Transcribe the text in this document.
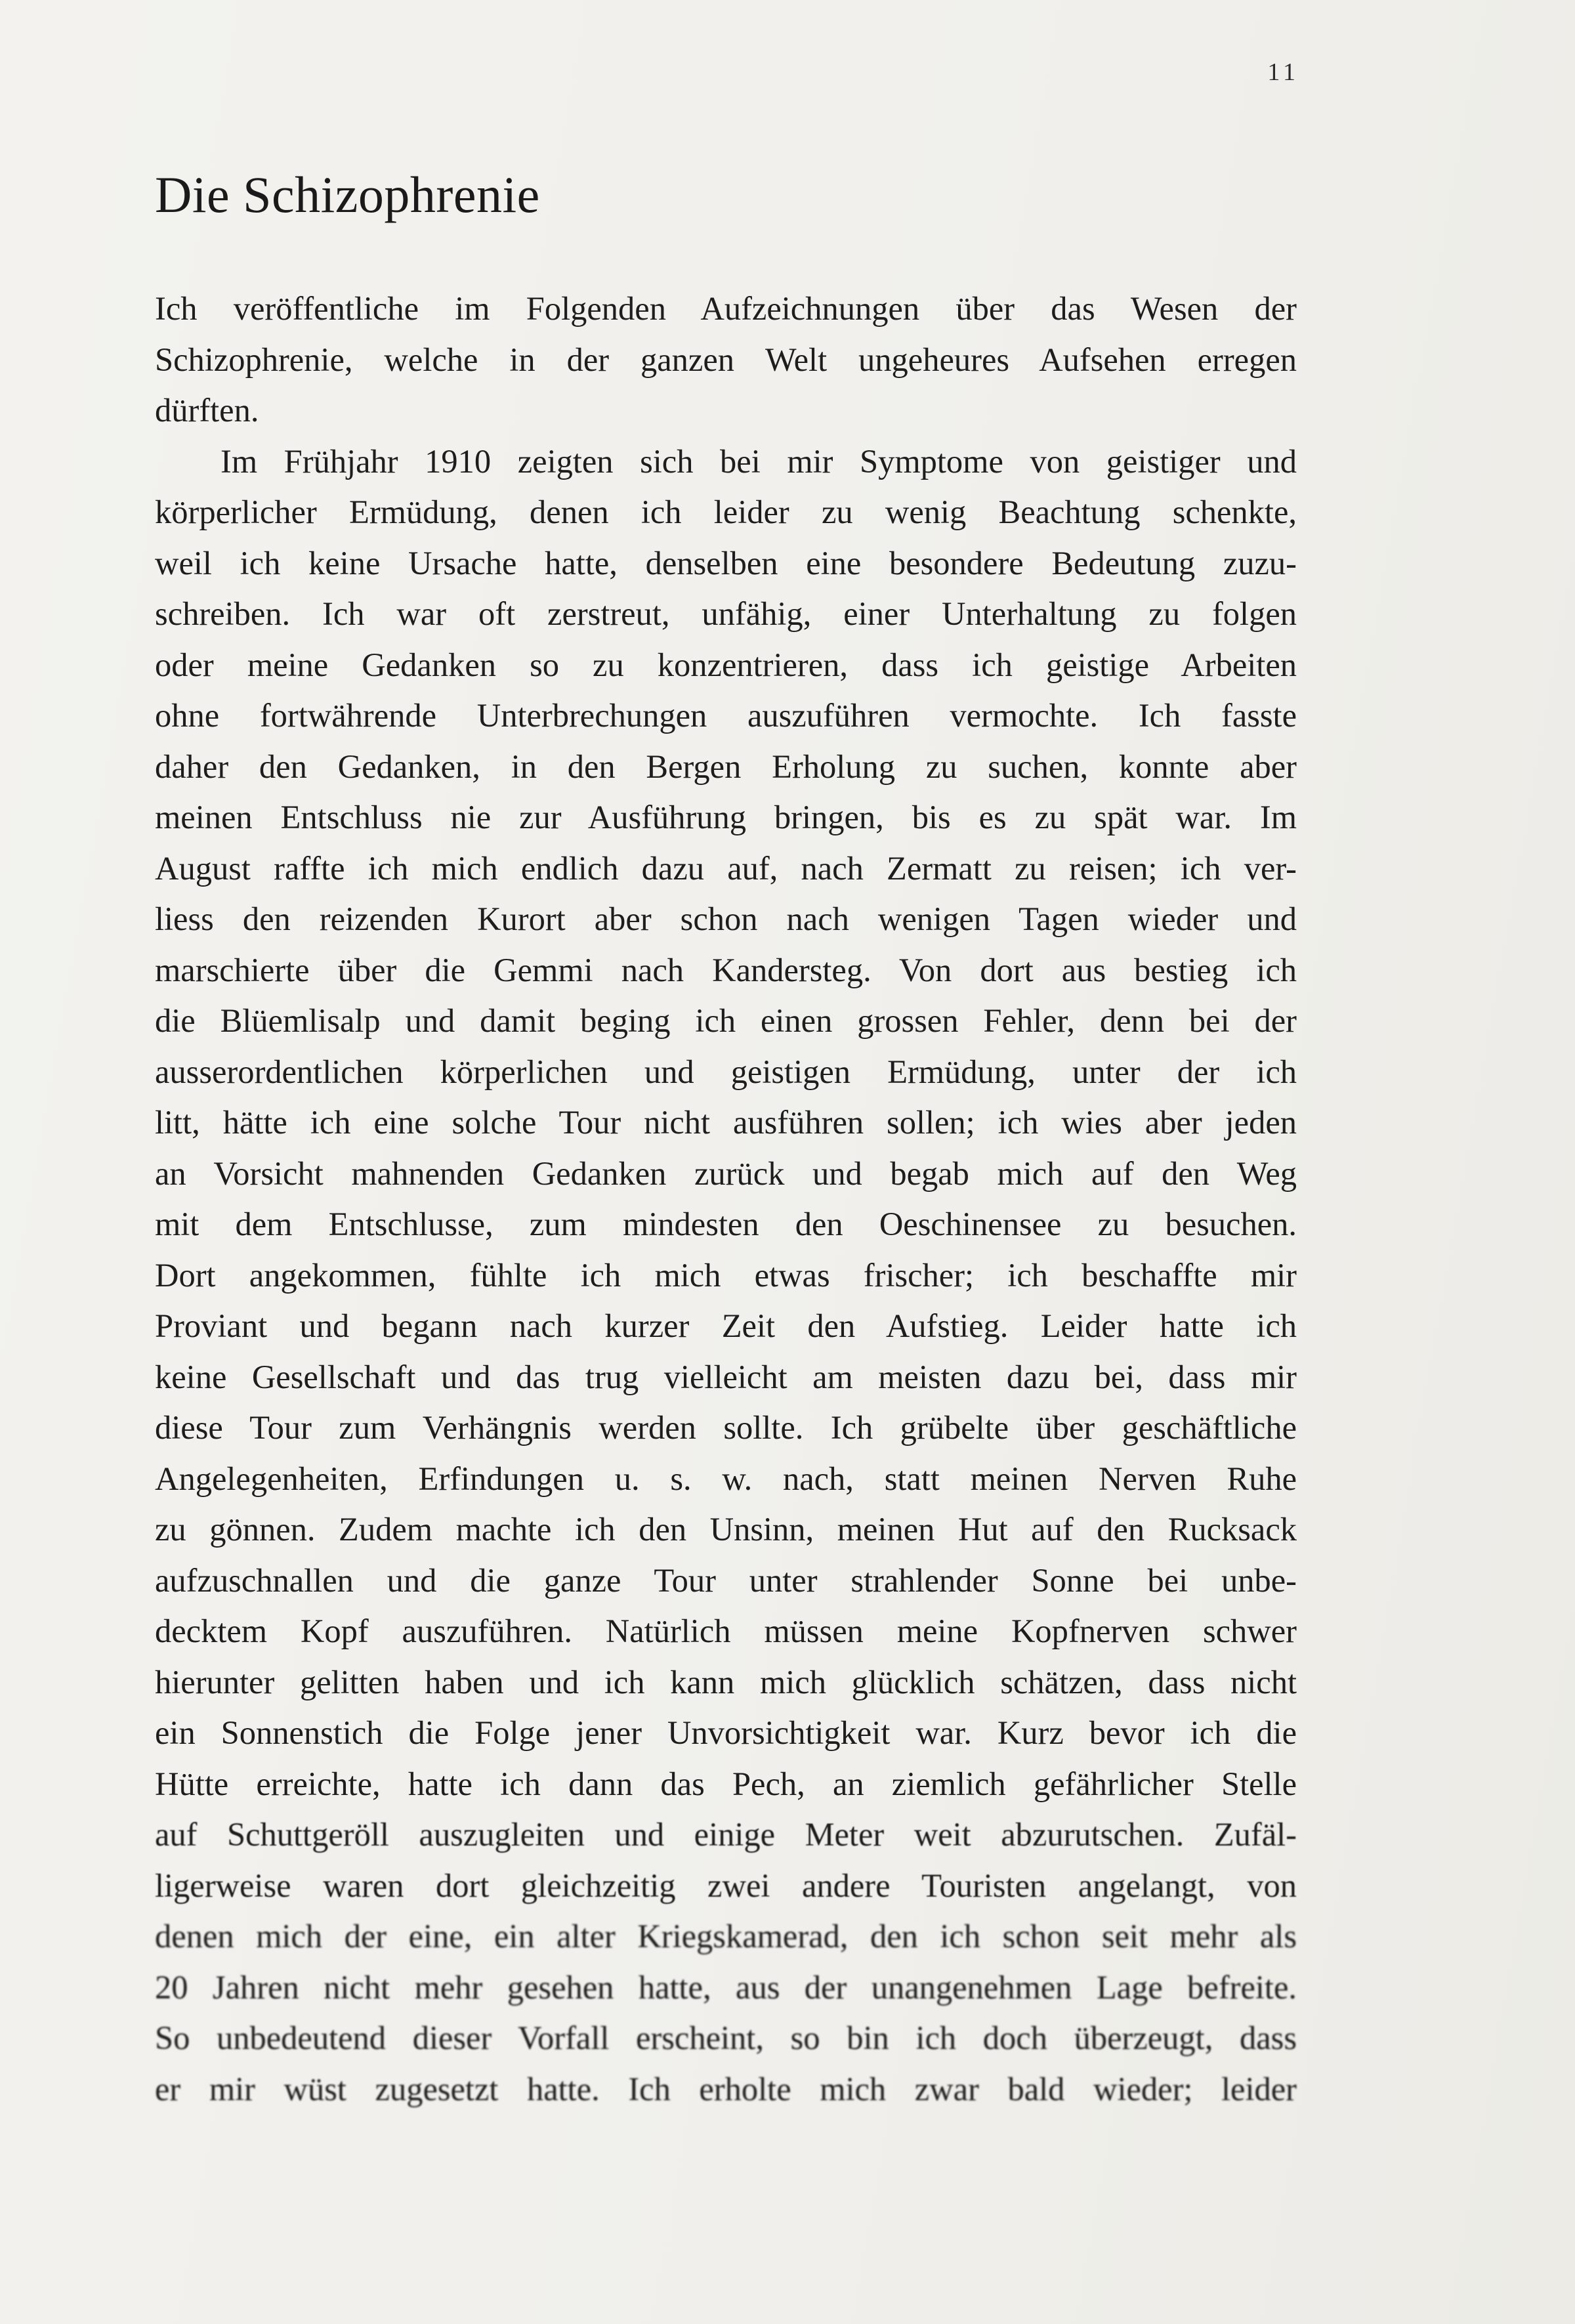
11
Die Schizophrenie
Ich veröffentliche im Folgenden Aufzeichnungen über das Wesen der
Schizophrenie, welche in der ganzen Welt ungeheures Aufsehen erregen
dürften.
Im Frühjahr 1910 zeigten sich bei mir Symptome von geistiger und
körperlicher Ermüdung, denen ich leider zu wenig Beachtung schenkte,
weil ich keine Ursache hatte, denselben eine besondere Bedeutung zuzu-
schreiben. Ich war oft zerstreut, unfähig, einer Unterhaltung zu folgen
oder meine Gedanken so zu konzentrieren, dass ich geistige Arbeiten
ohne fortwährende Unterbrechungen auszuführen vermochte. Ich fasste
daher den Gedanken, in den Bergen Erholung zu suchen, konnte aber
meinen Entschluss nie zur Ausführung bringen, bis es zu spät war. Im
August raffte ich mich endlich dazu auf, nach Zermatt zu reisen; ich ver-
liess den reizenden Kurort aber schon nach wenigen Tagen wieder und
marschierte über die Gemmi nach Kandersteg. Von dort aus bestieg ich
die Blüemlisalp und damit beging ich einen grossen Fehler, denn bei der
ausserordentlichen körperlichen und geistigen Ermüdung, unter der ich
litt, hätte ich eine solche Tour nicht ausführen sollen; ich wies aber jeden
an Vorsicht mahnenden Gedanken zurück und begab mich auf den Weg
mit dem Entschlusse, zum mindesten den Oeschinensee zu besuchen.
Dort angekommen, fühlte ich mich etwas frischer; ich beschaffte mir
Proviant und begann nach kurzer Zeit den Aufstieg. Leider hatte ich
keine Gesellschaft und das trug vielleicht am meisten dazu bei, dass mir
diese Tour zum Verhängnis werden sollte. Ich grübelte über geschäftliche
Angelegenheiten, Erfindungen u. s. w. nach, statt meinen Nerven Ruhe
zu gönnen. Zudem machte ich den Unsinn, meinen Hut auf den Rucksack
aufzuschnallen und die ganze Tour unter strahlender Sonne bei unbe-
decktem Kopf auszuführen. Natürlich müssen meine Kopfnerven schwer
hierunter gelitten haben und ich kann mich glücklich schätzen, dass nicht
ein Sonnenstich die Folge jener Unvorsichtigkeit war. Kurz bevor ich die
Hütte erreichte, hatte ich dann das Pech, an ziemlich gefährlicher Stelle
auf Schuttgeröll auszugleiten und einige Meter weit abzurutschen. Zufäl-
ligerweise waren dort gleichzeitig zwei andere Touristen angelangt, von
denen mich der eine, ein alter Kriegskamerad, den ich schon seit mehr als
20 Jahren nicht mehr gesehen hatte, aus der unangenehmen Lage befreite.
So unbedeutend dieser Vorfall erscheint, so bin ich doch überzeugt, dass
er mir wüst zugesetzt hatte. Ich erholte mich zwar bald wieder; leider
